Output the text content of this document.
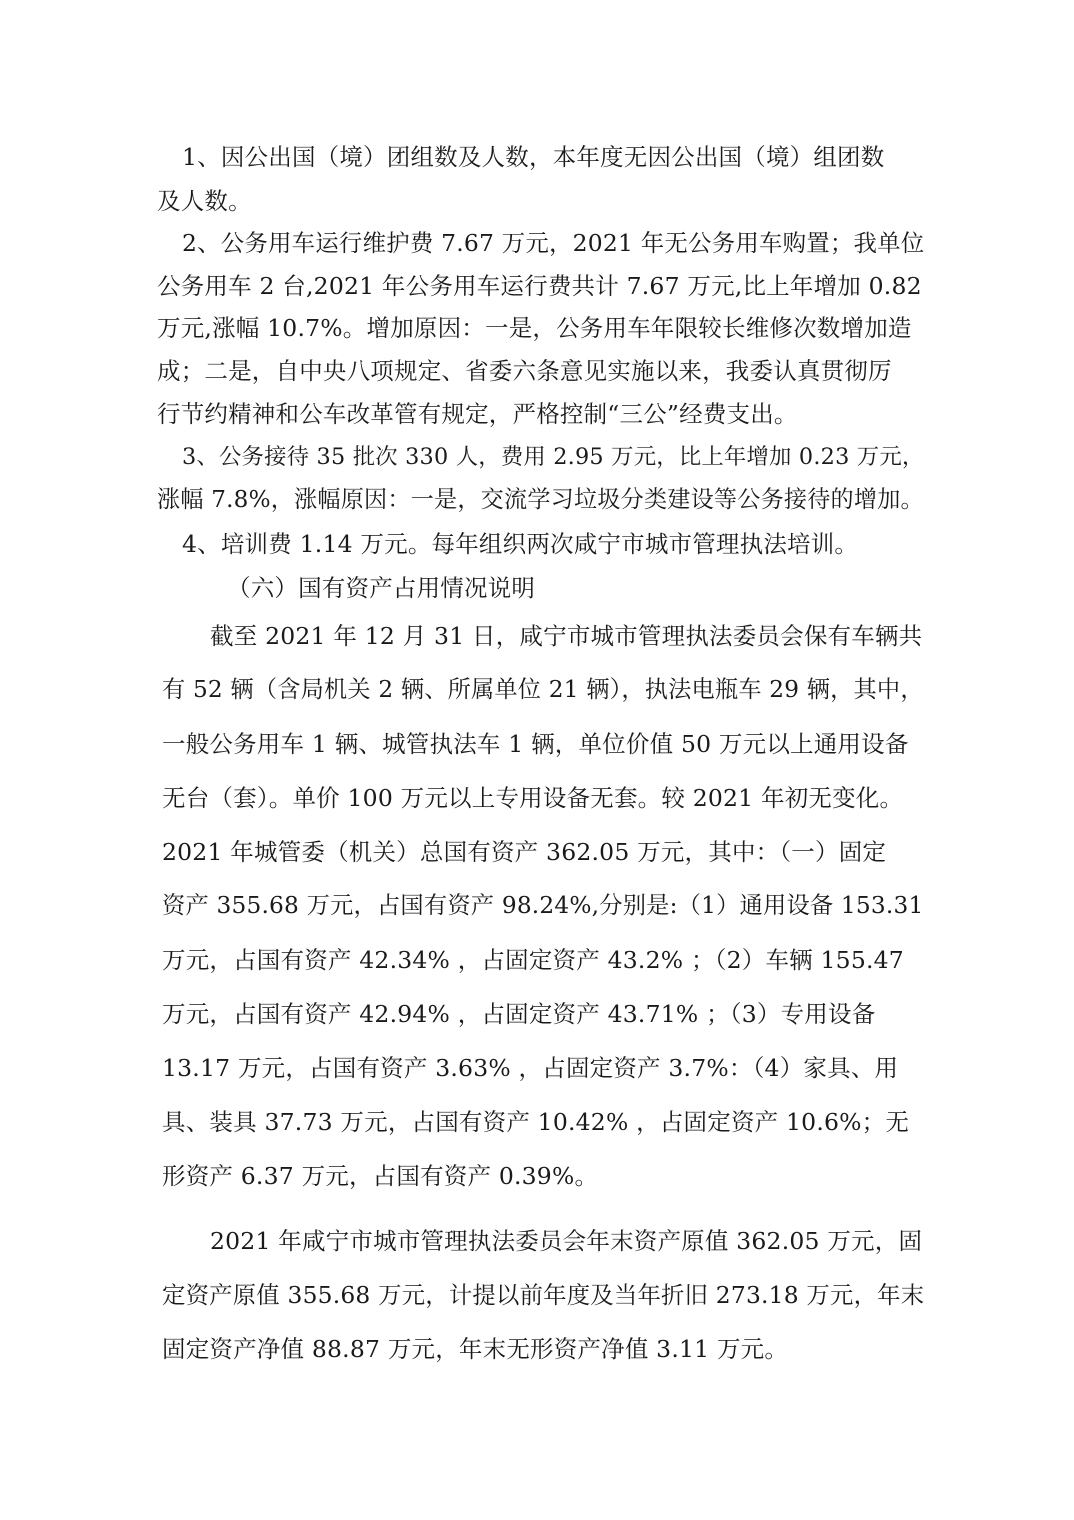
1、因公出国（境）团组数及人数，本年度无因公出国（境）组团数
及人数。
2、公务用车运行维护费 7.67 万元，2021 年无公务用车购置；我单位
公务用车 2 台,2021 年公务用车运行费共计 7.67 万元,比上年增加 0.82
万元,涨幅 10.7%。增加原因：一是，公务用车年限较长维修次数增加造
成；二是，自中央八项规定、省委六条意见实施以来，我委认真贯彻厉
行节约精神和公车改革管有规定，严格控制“三公”经费支出。
3、公务接待 35 批次 330 人，费用 2.95 万元，比上年增加 0.23 万元，
涨幅 7.8%，涨幅原因：一是，交流学习垃圾分类建设等公务接待的增加。
4、培训费 1.14 万元。每年组织两次咸宁市城市管理执法培训。
（六）国有资产占用情况说明
截至 2021 年 12 月 31 日，咸宁市城市管理执法委员会保有车辆共
有 52 辆（含局机关 2 辆、所属单位 21 辆），执法电瓶车 29 辆，其中，
一般公务用车 1 辆、城管执法车 1 辆，单位价值 50 万元以上通用设备
无台（套）。单价 100 万元以上专用设备无套。较 2021 年初无变化。
2021 年城管委（机关）总国有资产 362.05 万元，其中：（一）固定
资产 355.68 万元，占国有资产 98.24%,分别是:（1）通用设备 153.31
万元，占国有资产 42.34% ，占固定资产 43.2% ；（2）车辆 155.47
万元，占国有资产 42.94% ，占固定资产 43.71% ；（3）专用设备
13.17 万元，占国有资产 3.63% ，占固定资产 3.7%：（4）家具、用
具、装具 37.73 万元，占国有资产 10.42% ，占固定资产 10.6%；无
形资产 6.37 万元，占国有资产 0.39%。
2021 年咸宁市城市管理执法委员会年末资产原值 362.05 万元，固
定资产原值 355.68 万元，计提以前年度及当年折旧 273.18 万元，年末
固定资产净值 88.87 万元，年末无形资产净值 3.11 万元。
